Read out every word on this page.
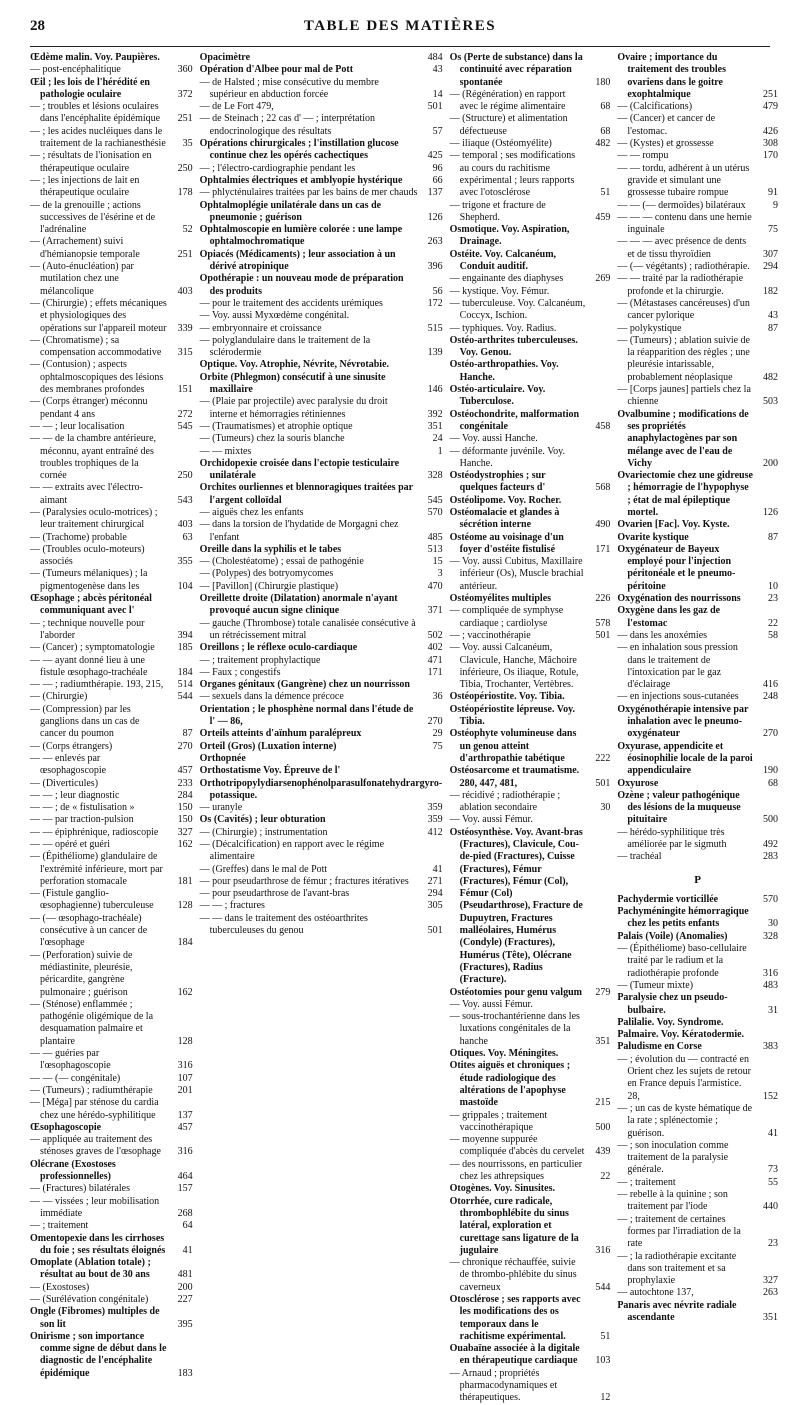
28	TABLE DES MATIÈRES
Œdème malin. Voy. Paupières.
— post-encéphalitique	360
Œil ; les lois de l'hérédité en pathologie oculaire	372
— ; troubles et lésions oculaires dans l'encéphalite épidémique	251
— ; les acides nucléiques dans le traitement de la rachianesthésie	35
— ; résultats de l'ionisation en thérapeutique oculaire	250
— ; les injections de lait en thérapeutique oculaire	178
— de la grenouille ; actions successives de l'ésérine et de l'adrénaline	52
— (Arrachement) suivi d'hémianopsie temporale	251
— (Auto-énucléation) par mutilation chez une mélancolique	403
— (Chirurgie) ; effets mécaniques et physiologiques des opérations sur l'appareil moteur	339
— (Chromatisme) ; sa compensation accommodative	315
— (Contusion) ; aspects ophtalmoscopiques des lésions des membranes profondes	151
— (Corps étranger) méconnu pendant 4 ans	272
— — ; leur localisation	545
— — de la chambre antérieure, méconnu, ayant entraîné des troubles trophiques de la cornée	250
— — extraits avec l'électro-aimant	543
— (Paralysies oculo-motrices) ; leur traitement chirurgical	403
— (Trachome) probable	63
— (Troubles oculo-moteurs) associés	355
— (Tumeurs mélaniques) ; la pigmentogenèse dans les	104
Œsophage ; abcès péritonéal communiquant avec l'
— ; technique nouvelle pour l'aborder	394
— (Cancer) ; symptomatologie	185
— — ayant donné lieu à une fistule œsophago-trachéale	184
— — ; radiumthérapie. 193, 215,	514
— (Chirurgie)	544
— (Compression) par les ganglions dans un cas de cancer du poumon	87
— (Corps étrangers)	270
— — enlevés par œsophagoscopie	457
— (Diverticules)	233
— — ; leur diagnostic	284
— — ; de « fistulisation »	150
— — par traction-pulsion	150
— — épiphrénique, radioscopie	327
— — opéré et guéri	162
— (Épithéliome) glandulaire de l'extrémité inférieure, mort par perforation stomacale	181
— (Fistule ganglio-œsophagienne) tuberculeuse	128
— (— œsophago-trachéale) consécutive à un cancer de l'œsophage	184
— (Perforation) suivie de médiastinite, pleurésie, péricardite, gangrène pulmonaire ; guérison	162
— (Sténose) enflammée ; pathogénie oligémique de la desquamation palmaire et plantaire	128
— — guéries par l'œsophagoscopie	316
— — (— congénitale)	107
— (Tumeurs) ; radiumthérapie	201
— [Méga] par sténose du cardia chez une hérédo-syphilitique	137
Œsophagoscopie	457
— appliquée au traitement des sténoses graves de l'œsophage	316
Olécrane (Exostoses professionnelles)	464
— (Fractures) bilatérales	157
— — vissées ; leur mobilisation immédiate	268
— ; traitement	64
Omentopexie dans les cirrhoses du foie ; ses résultats éloignés	41
Omoplate (Ablation totale) ; résultat au bout de 30 ans	481
— (Exostoses)	200
— (Surélévation congénitale)	227
Ongle (Fibromes) multiples de son lit	395
Onirisme ; son importance comme signe de début dans le diagnostic de l'encéphalite épidémique	183
Opacimètre	484
Opération d'Albee pour mal de Pott	43
— de Halsted ; mise consécutive du membre supérieur en abduction forcée	14
— de Le Fort 479,	501
— de Steinach ; 22 cas d' — ; interprétation endocrinologique des résultats	57
Opérations chirurgicales ; l'instillation glucose continue chez les opérés cachectiques	425
— ; l'électro-cardiographie pendant les	96
Ophtalmies électriques et amblyopie hystérique	66
— phlycténulaires traitées par les bains de mer chauds	137
Ophtalmoplégie unilatérale dans un cas de pneumonie ; guérison	126
Ophtalmoscopie en lumière colorée : une lampe ophtalmochromatique	263
Opiacés (Médicaments) ; leur association à un dérivé atropinique	396
Opothérapie : un nouveau mode de préparation des produits	56
— pour le traitement des accidents urémiques	172
— Voy. aussi Myxœdème congénital.
— embryonnaire et croissance	515
— polyglandulaire dans le traitement de la sclérodermie	139
Optique. Voy. Atrophie, Névrite, Névrotabie.
Orbite (Phlegmon) consécutif à une sinusite maxillaire	146
— (Plaie par projectile) avec paralysie du droit interne et hémorragies rétiniennes	392
— (Traumatismes) et atrophie optique	351
— (Tumeurs) chez la souris blanche	24
— — mixtes	1
Orchidopexie croisée dans l'ectopie testiculaire unilatérale	328
Orchites ourliennes et blennoragiques traitées par l'argent colloïdal	545
— aiguës chez les enfants	570
— dans la torsion de l'hydatide de Morgagni chez l'enfant	485
Oreille dans la syphilis et le tabes	513
— (Cholestéatome) ; essai de pathogénie	15
— (Polypes) des botryomycomes	3
— [Pavillon] (Chirurgie plastique)	470
Oreillette droite (Dilatation) anormale n'ayant provoqué aucun signe clinique	371
— gauche (Thrombose) totale canalisée consécutive à un rétrécissement mitral	502
Oreillons ; le réflexe oculo-cardiaque	402
— ; traitement prophylactique	471
— Faux ; congestifs	171
Organes génitaux (Gangrène) chez un nourrisson
— sexuels dans la démence précoce	36
Orientation ; le phosphène normal dans l'étude de l' — 86,	270
Orteils atteints d'aïnhum paralépreux	29
Orteil (Gros) (Luxation interne)	75
Orthopnée
Orthostatisme Voy. Épreuve de l'
Orthotripopylydiarsenophénolparasulfonatehydrargyro-potassique.
— uranyle	359
Os (Cavités) ; leur obturation	359
— (Chirurgie) ; instrumentation	412
— (Décalcification) en rapport avec le régime alimentaire
— (Greffes) dans le mal de Pott	41
— pour pseudarthrose de fémur ; fractures itératives	271
— pour pseudarthrose de l'avant-bras	294
— — ; fractures	305
— — dans le traitement des ostéoarthrites tuberculeuses du genou	501
Os (Perte de substance) dans la continuité avec réparation spontanée	180
— (Régénération) en rapport avec le régime alimentaire	68
— (Structure) et alimentation défectueuse	68
— iliaque (Ostéomyélite)	482
— temporal ; ses modifications au cours du rachitisme expérimental ; leurs rapports avec l'otosclérose	51
— trigone et fracture de Shepherd.	459
Osmotique. Voy. Aspiration, Drainage.
Ostéite. Voy. Calcanéum, Conduit auditif.
— engainante des diaphyses	269
— kystique. Voy. Fémur.
— tuberculeuse. Voy. Calcanéum, Coccyx, Ischion.
— typhiques. Voy. Radius.
Ostéo-arthrites tuberculeuses. Voy. Genou.
Ostéo-arthropathies. Voy. Hanche.
Ostéo-articulaire. Voy. Tuberculose.
Ostéochondrite, malformation congénitale	458
— Voy. aussi Hanche.
— déformante juvénile. Voy. Hanche.
Ostéodystrophies ; sur quelques facteurs d'	568
Ostéolipome. Voy. Rocher.
Ostéomalacie et glandes à sécrétion interne	490
Ostéome au voisinage d'un foyer d'ostéite fistulisé	171
— Voy. aussi Cubitus, Maxillaire inférieur (Os), Muscle brachial antérieur.
Ostéomyélites multiples	226
— compliquée de symphyse cardiaque ; cardiolyse	578
— ; vaccinothérapie	501
— Voy. aussi Calcanéum, Clavicule, Hanche, Mâchoire inférieure, Os iliaque, Rotule, Tibia, Trochanter, Vertèbres.
Ostéopériostite. Voy. Tibia.
Ostéopériostite lépreuse. Voy. Tibia.
Ostéophyte volumineuse dans un genou atteint d'arthropathie tabétique	222
Ostéosarcome et traumatisme. 280, 447, 481,	501
— récidivé ; radiothérapie ; ablation secondaire	30
— Voy. aussi Fémur.
Ostéosynthèse. Voy. Avant-bras (Fractures), Clavicule, Cou-de-pied (Fractures), Cuisse (Fractures), Fémur (Fractures), Fémur (Col), Fémur (Col) (Pseudarthrose), Fracture de Dupuytren, Fractures malléolaires, Humérus (Condyle) (Fractures), Humérus (Tête), Olécrane (Fractures), Radius (Fracture).
Ostéotomies pour genu valgum	279
— Voy. aussi Fémur.
— sous-trochantérienne dans les luxations congénitales de la hanche	351
Otiques. Voy. Méningites.
Otites aiguës et chroniques ; étude radiologique des altérations de l'apophyse mastoïde	215
— grippales ; traitement vaccinothérapique	500
— moyenne suppurée compliquée d'abcès du cervelet	439
— des nourrissons, en particulier chez les athrepsiques	22
Otogènes. Voy. Sinusites.
Otorrhée, cure radicale, thrombophlébite du sinus latéral, exploration et curettage sans ligature de la jugulaire	316
— chronique réchauffée, suivie de thrombo-phlébite du sinus caverneux	544
Otosclérose ; ses rapports avec les modifications des os temporaux dans le rachitisme expérimental.	51
Ouabaïne associée à la digitale en thérapeutique cardiaque	103
— Arnaud ; propriétés pharmacodynamiques et thérapeutiques.	12
Ovaire ; importance du traitement des troubles ovariens dans le goitre exophtalmique	251
— (Calcifications)	479
— (Cancer) et cancer de l'estomac.	426
— (Kystes) et grossesse	308
— — rompu	170
— — tordu, adhérent à un utérus gravide et simulant une grossesse tubaire rompue	91
— — (— dermoïdes) bilatéraux	9
— — — contenu dans une hernie inguinale	75
— — — avec présence de dents et de tissu thyroïdien	307
— (— végétants) ; radiothérapie.	294
— — traité par la radiothérapie profonde et la chirurgie.	182
— (Métastases cancéreuses) d'un cancer pylorique	43
— polykystique	87
— (Tumeurs) ; ablation suivie de la réapparition des règles ; une pleurésie intarissable, probablement néoplasique	482
— [Corps jaunes] partiels chez la chienne	503
Ovalbumine ; modifications de ses propriétés anaphylactogènes par son mélange avec de l'eau de Vichy	200
Ovariectomie chez une gidreuse ; hémorragie de l'hypophyse ; état de mal épileptique mortel.	126
Ovarien [Fac]. Voy. Kyste.
Ovarite kystique	87
Oxygénateur de Bayeux employé pour l'injection péritonéale et le pneumo-péritoine	10
Oxygénation des nourrissons	23
Oxygène dans les gaz de l'estomac	22
— dans les anoxémies	58
— en inhalation sous pression dans le traitement de l'intoxication par le gaz d'éclairage	416
— en injections sous-cutanées	248
Oxygénothérapie intensive par inhalation avec le pneumo-oxygénateur	270
Oxyurase, appendicite et éosinophilie locale de la paroi appendiculaire	190
Oxyurose	68
Ozène ; valeur pathogénique des lésions de la muqueuse pituitaire	500
— hérédo-syphilitique très améliorée par le sigmuth	492
— trachéal	283
P
Pachydermie vorticillée	570
Pachyméningite hémorragique chez les petits enfants	30
Palais (Voile) (Anomalies)	328
— (Épithéliome) baso-cellulaire traité par le radium et la radiothérapie profonde	316
— (Tumeur mixte)	483
Paralysie chez un pseudo-bulbaire.	31
Palilalie. Voy. Syndrome.
Palmaire. Voy. Kératodermie.
Paludisme en Corse	383
— ; évolution du — contracté en Orient chez les sujets de retour en France depuis l'armistice. 28,	152
— ; un cas de kyste hématique de la rate ; splénectomie ; guérison.	41
— ; son inoculation comme traitement de la paralysie générale.	73
— ; traitement	55
— rebelle à la quinine ; son traitement par l'iode	440
— ; traitement de certaines formes par l'irradiation de la rate	23
— ; la radiothérapie excitante dans son traitement et sa prophylaxie	327
— autochtone 137,	263
Panaris avec névrite radiale ascendante	351
